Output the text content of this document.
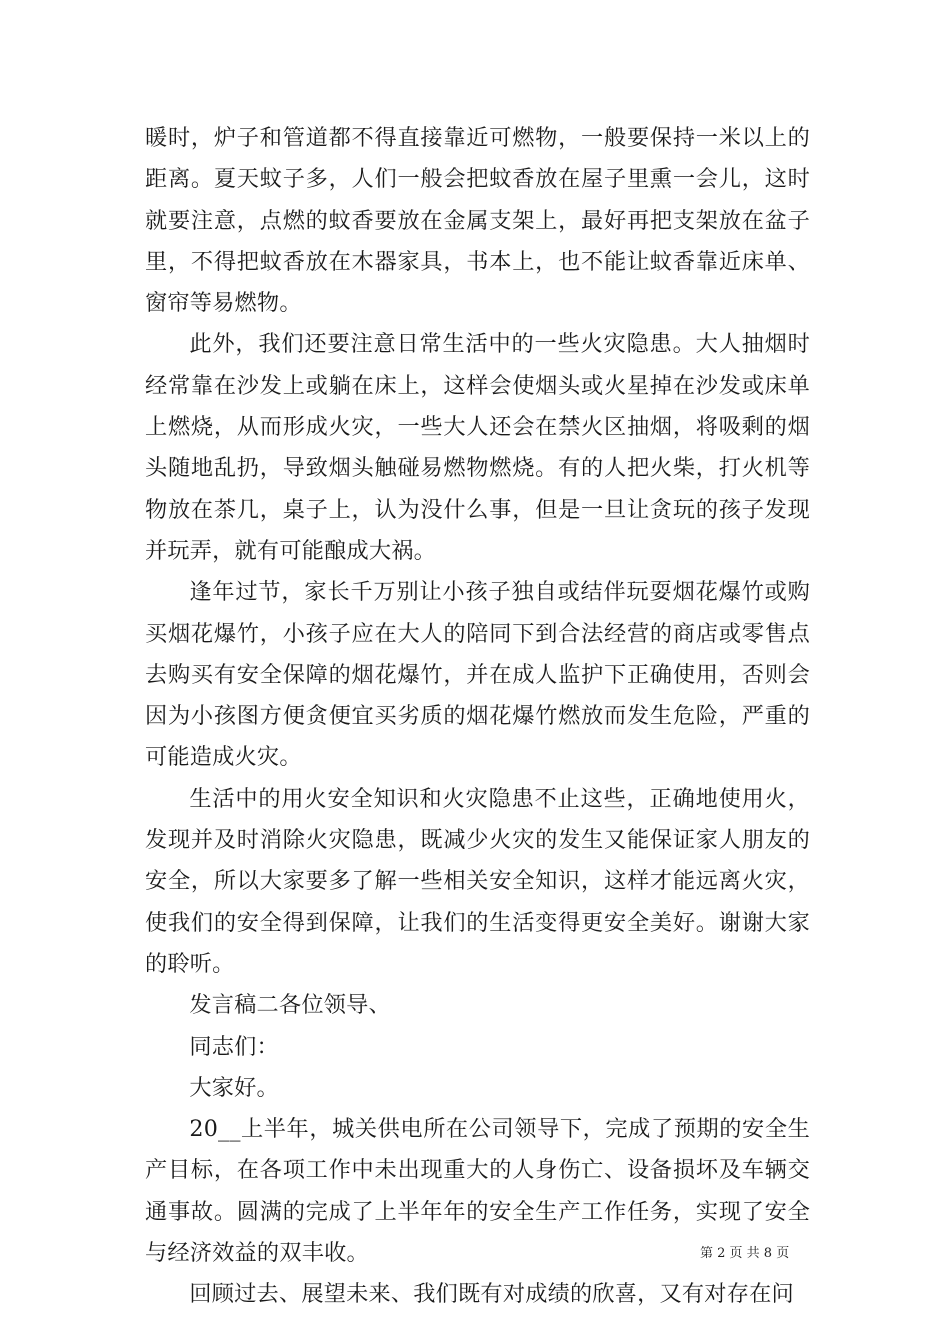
暖时，炉子和管道都不得直接靠近可燃物，一般要保持一米以上的距离。夏天蚊子多，人们一般会把蚊香放在屋子里熏一会儿，这时就要注意，点燃的蚊香要放在金属支架上，最好再把支架放在盆子里，不得把蚊香放在木器家具，书本上，也不能让蚊香靠近床单、窗帘等易燃物。

此外，我们还要注意日常生活中的一些火灾隐患。大人抽烟时经常靠在沙发上或躺在床上，这样会使烟头或火星掉在沙发或床单上燃烧，从而形成火灾，一些大人还会在禁火区抽烟，将吸剩的烟头随地乱扔，导致烟头触碰易燃物燃烧。有的人把火柴，打火机等物放在茶几，桌子上，认为没什么事，但是一旦让贪玩的孩子发现并玩弄，就有可能酿成大祸。

逢年过节，家长千万别让小孩子独自或结伴玩耍烟花爆竹或购买烟花爆竹，小孩子应在大人的陪同下到合法经营的商店或零售点去购买有安全保障的烟花爆竹，并在成人监护下正确使用，否则会因为小孩图方便贪便宜买劣质的烟花爆竹燃放而发生危险，严重的可能造成火灾。

生活中的用火安全知识和火灾隐患不止这些，正确地使用火，发现并及时消除火灾隐患，既减少火灾的发生又能保证家人朋友的安全，所以大家要多了解一些相关安全知识，这样才能远离火灾，使我们的安全得到保障，让我们的生活变得更安全美好。谢谢大家的聆听。

发言稿二各位领导、

同志们：

大家好。

20__上半年，城关供电所在公司领导下，完成了预期的安全生产目标，在各项工作中未出现重大的人身伤亡、设备损坏及车辆交通事故。圆满的完成了上半年年的安全生产工作任务，实现了安全与经济效益的双丰收。

回顾过去、展望未来、我们既有对成绩的欣喜，又有对存在问

第 2 页 共 8 页
